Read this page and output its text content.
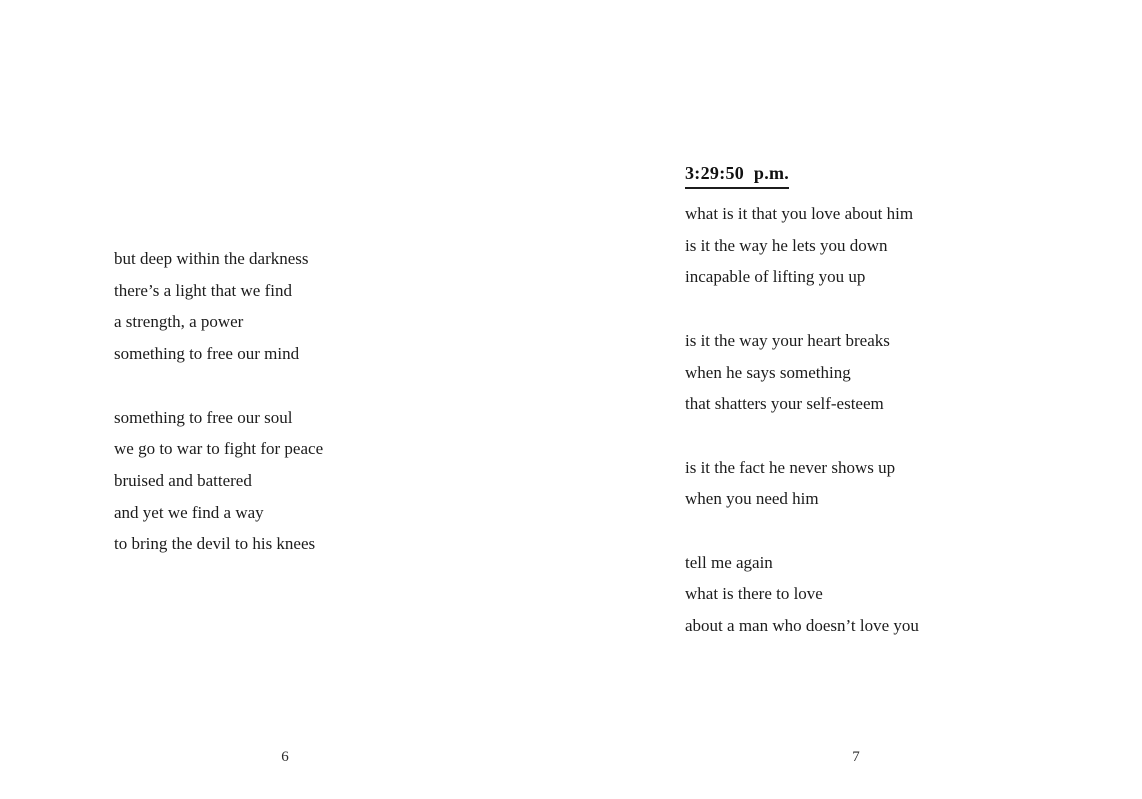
but deep within the darkness
there’s a light that we find
a strength, a power
something to free our mind
something to free our soul
we go to war to fight for peace
bruised and battered
and yet we find a way
to bring the devil to his knees
6
3:29:50 p.m.
what is it that you love about him
is it the way he lets you down
incapable of lifting you up
is it the way your heart breaks
when he says something
that shatters your self-esteem
is it the fact he never shows up
when you need him
tell me again
what is there to love
about a man who doesn’t love you
7
